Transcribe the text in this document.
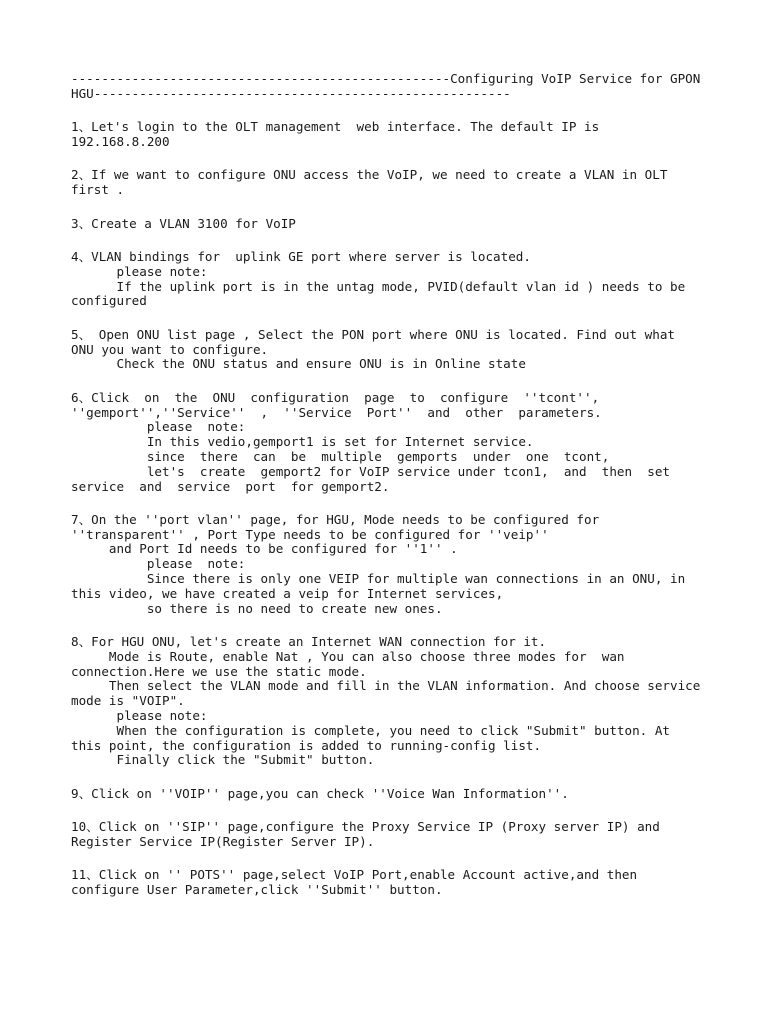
--------------------------------------------------Configuring VoIP Service for GPON
HGU-------------------------------------------------------
1、Let's login to the OLT management  web interface. The default IP is
192.168.8.200
2、If we want to configure ONU access the VoIP, we need to create a VLAN in OLT
first .
3、Create a VLAN 3100 for VoIP
4、VLAN bindings for  uplink GE port where server is located.
please note:
If the uplink port is in the untag mode, PVID(default vlan id ) needs to be
configured
5、 Open ONU list page , Select the PON port where ONU is located. Find out what
ONU you want to configure.
Check the ONU status and ensure ONU is in Online state
6、Click  on  the  ONU  configuration  page  to  configure  ''tcont'',
''gemport'',''Service''  ,  ''Service  Port''  and  other  parameters.
please  note:
In this vedio,gemport1 is set for Internet service.
since  there  can  be  multiple  gemports  under  one  tcont,
let's  create  gemport2 for VoIP service under tcon1,  and  then  set
service  and  service  port  for gemport2.
7、On the ''port vlan'' page, for HGU, Mode needs to be configured for
''transparent'' , Port Type needs to be configured for ''veip''
and Port Id needs to be configured for ''1'' .
please  note:
Since there is only one VEIP for multiple wan connections in an ONU, in
this video, we have created a veip for Internet services,
so there is no need to create new ones.
8、For HGU ONU, let's create an Internet WAN connection for it.
Mode is Route, enable Nat , You can also choose three modes for  wan
connection.Here we use the static mode.
Then select the VLAN mode and fill in the VLAN information. And choose service
mode is "VOIP".
please note:
When the configuration is complete, you need to click "Submit" button. At
this point, the configuration is added to running-config list.
Finally click the "Submit" button.
9、Click on ''VOIP'' page,you can check ''Voice Wan Information''.
10、Click on ''SIP'' page,configure the Proxy Service IP (Proxy server IP) and
Register Service IP(Register Server IP).
11、Click on '' POTS'' page,select VoIP Port,enable Account active,and then
configure User Parameter,click ''Submit'' button.
